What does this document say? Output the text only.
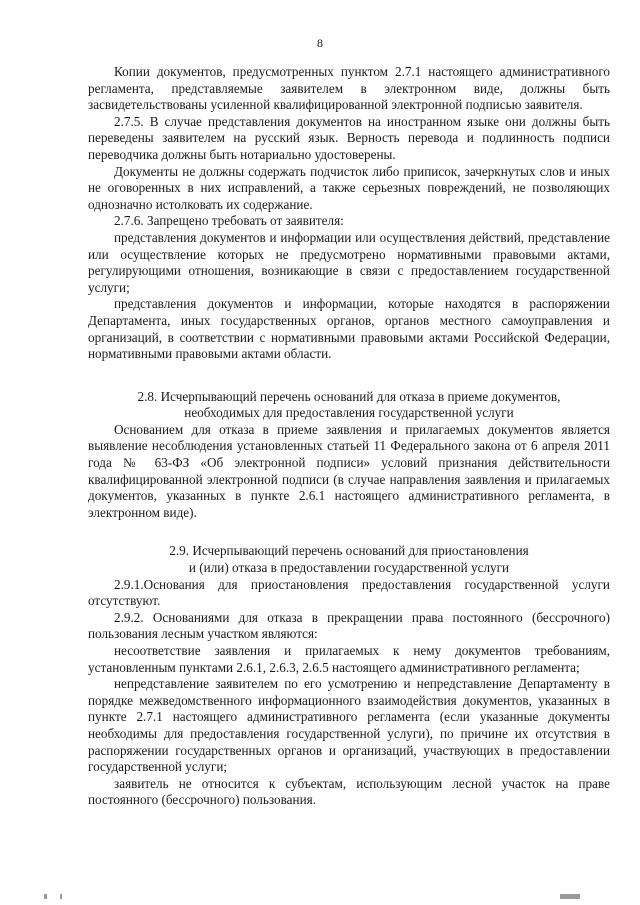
8

Копии документов, предусмотренных пунктом 2.7.1 настоящего административного регламента, представляемые заявителем в электронном виде, должны быть засвидетельствованы усиленной квалифицированной электронной подписью заявителя.

2.7.5. В случае представления документов на иностранном языке они должны быть переведены заявителем на русский язык. Верность перевода и подлинность подписи переводчика должны быть нотариально удостоверены.

Документы не должны содержать подчисток либо приписок, зачеркнутых слов и иных не оговоренных в них исправлений, а также серьезных повреждений, не позволяющих однозначно истолковать их содержание.

2.7.6. Запрещено требовать от заявителя:

представления документов и информации или осуществления действий, представление или осуществление которых не предусмотрено нормативными правовыми актами, регулирующими отношения, возникающие в связи с предоставлением государственной услуги;

представления документов и информации, которые находятся в распоряжении Департамента, иных государственных органов, органов местного самоуправления и организаций, в соответствии с нормативными правовыми актами Российской Федерации, нормативными правовыми актами области.

2.8. Исчерпывающий перечень оснований для отказа в приеме документов,
необходимых для предоставления государственной услуги

Основанием для отказа в приеме заявления и прилагаемых документов является выявление несоблюдения установленных статьей 11 Федерального закона от 6 апреля 2011 года № 63-ФЗ «Об электронной подписи» условий признания действительности квалифицированной электронной подписи (в случае направления заявления и прилагаемых документов, указанных в пункте 2.6.1 настоящего административного регламента, в электронном виде).

2.9. Исчерпывающий перечень оснований для приостановления
и (или) отказа в предоставлении государственной услуги

2.9.1.Основания для приостановления предоставления государственной услуги отсутствуют.

2.9.2. Основаниями для отказа в прекращении права постоянного (бессрочного) пользования лесным участком являются:

несоответствие заявления и прилагаемых к нему документов требованиям, установленным пунктами 2.6.1, 2.6.3, 2.6.5 настоящего административного регламента;

непредставление заявителем по его усмотрению и непредставление Департаменту в порядке межведомственного информационного взаимодействия документов, указанных в пункте 2.7.1 настоящего административного регламента (если указанные документы необходимы для предоставления государственной услуги), по причине их отсутствия в распоряжении государственных органов и организаций, участвующих в предоставлении государственной услуги;

заявитель не относится к субъектам, использующим лесной участок на праве постоянного (бессрочного) пользования.
